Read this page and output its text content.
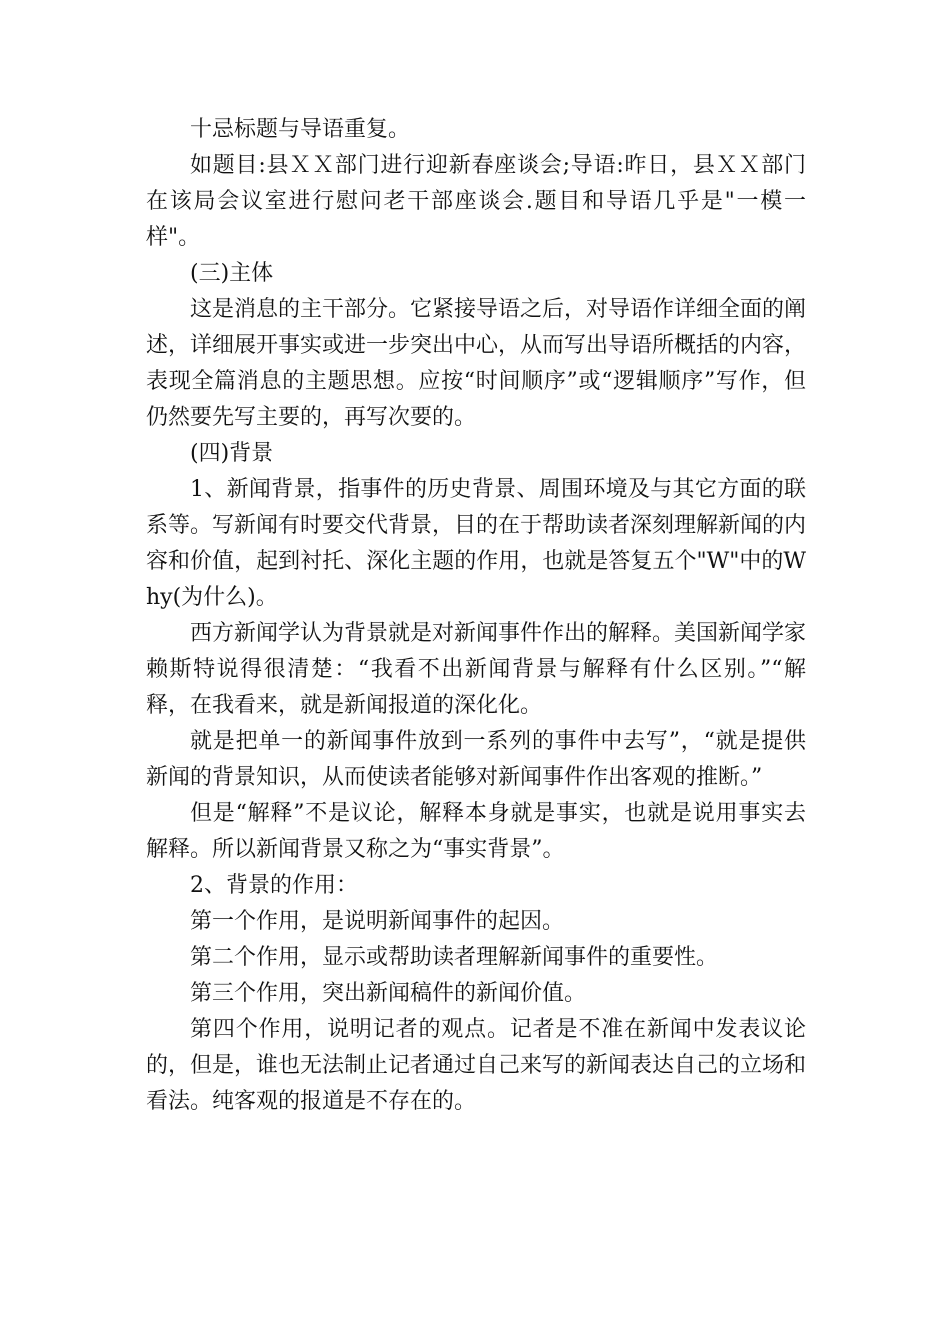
十忌标题与导语重复。

如题目:县ＸＸ部门进行迎新春座谈会;导语:昨日，县ＸＸ部门在该局会议室进行慰问老干部座谈会.题目和导语几乎是"一模一样"。

(三)主体

这是消息的主干部分。它紧接导语之后，对导语作详细全面的阐述，详细展开事实或进一步突出中心，从而写出导语所概括的内容，表现全篇消息的主题思想。应按“时间顺序”或“逻辑顺序”写作，但仍然要先写主要的，再写次要的。

(四)背景

1、新闻背景，指事件的历史背景、周围环境及与其它方面的联系等。写新闻有时要交代背景，目的在于帮助读者深刻理解新闻的内容和价值，起到衬托、深化主题的作用，也就是答复五个"W"中的Why(为什么)。

西方新闻学认为背景就是对新闻事件作出的解释。美国新闻学家赖斯特说得很清楚：“我看不出新闻背景与解释有什么区别。”“解释，在我看来，就是新闻报道的深化化。

就是把单一的新闻事件放到一系列的事件中去写”，“就是提供新闻的背景知识，从而使读者能够对新闻事件作出客观的推断。”

但是“解释”不是议论，解释本身就是事实，也就是说用事实去解释。所以新闻背景又称之为“事实背景”。

2、背景的作用：

第一个作用，是说明新闻事件的起因。

第二个作用，显示或帮助读者理解新闻事件的重要性。

第三个作用，突出新闻稿件的新闻价值。

第四个作用，说明记者的观点。记者是不准在新闻中发表议论的，但是，谁也无法制止记者通过自己来写的新闻表达自己的立场和看法。纯客观的报道是不存在的。
